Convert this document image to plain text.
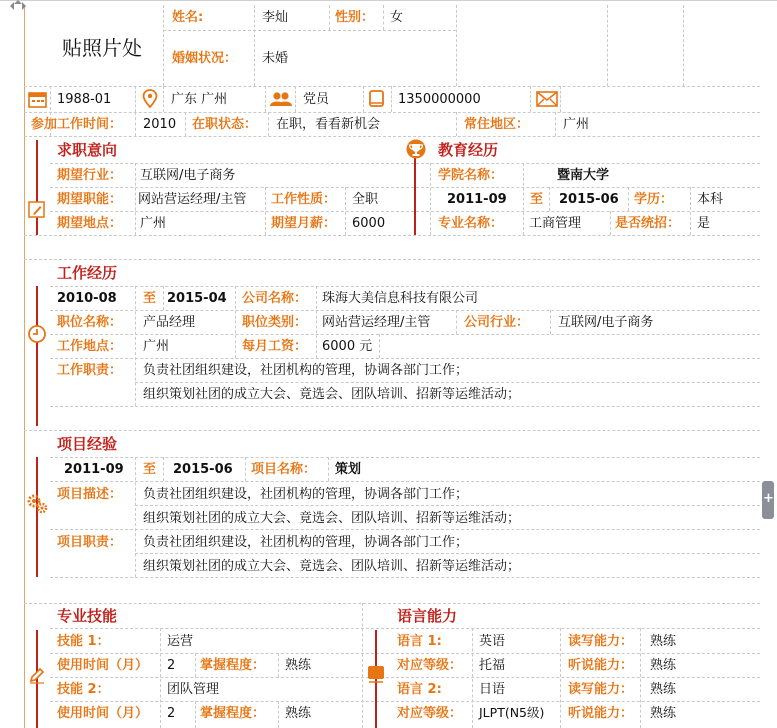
贴照片处
姓名:	李灿	性别： 女
婚姻状况： 未婚
1988-01	广东 广州	党员	1350000000
参加工作时间： 2010 在职状态： 在职，看看新机会	常住地区：	广州
求职意向
期望行业： 互联网/电子商务
期望职能： 网站营运经理/主管 工作性质： 全职
期望地点： 广州	期望月薪： 6000
教育经历
学院名称：	暨南大学
2011-09 至 2015-06 学历： 本科
专业名称： 工商管理	是否统招： 是
工作经历
2010-08 至 2015-04 公司名称： 珠海大美信息科技有限公司
职位名称： 产品经理	职位类别： 网站营运经理/主管	公司行业： 互联网/电子商务
工作地点： 广州	每月工资： 6000 元
工作职责： 负责社团组织建设，社团机构的管理，协调各部门工作；
组织策划社团的成立大会、竟选会、团队培训、招新等运维活动；
项目经验
2011-09 至 2015-06 项目名称： 策划
项目描述： 负责社团组织建设，社团机构的管理，协调各部门工作；
组织策划社团的成立大会、竟选会、团队培训、招新等运维活动；
项目职责： 负责社团组织建设，社团机构的管理，协调各部门工作；
组织策划社团的成立大会、竟选会、团队培训、招新等运维活动；
专业技能
技能 1：	运营
使用时间（月） 2 掌握程度： 熟练
技能 2：	团队管理
使用时间（月） 2 掌握程度： 熟练
语言能力
语言 1:	英语	读写能力： 熟练
对应等级： 托福	听说能力： 熟练
语言 2:	日语	读写能力： 熟练
对应等级： JLPT(N5级) 听说能力： 熟练
+
